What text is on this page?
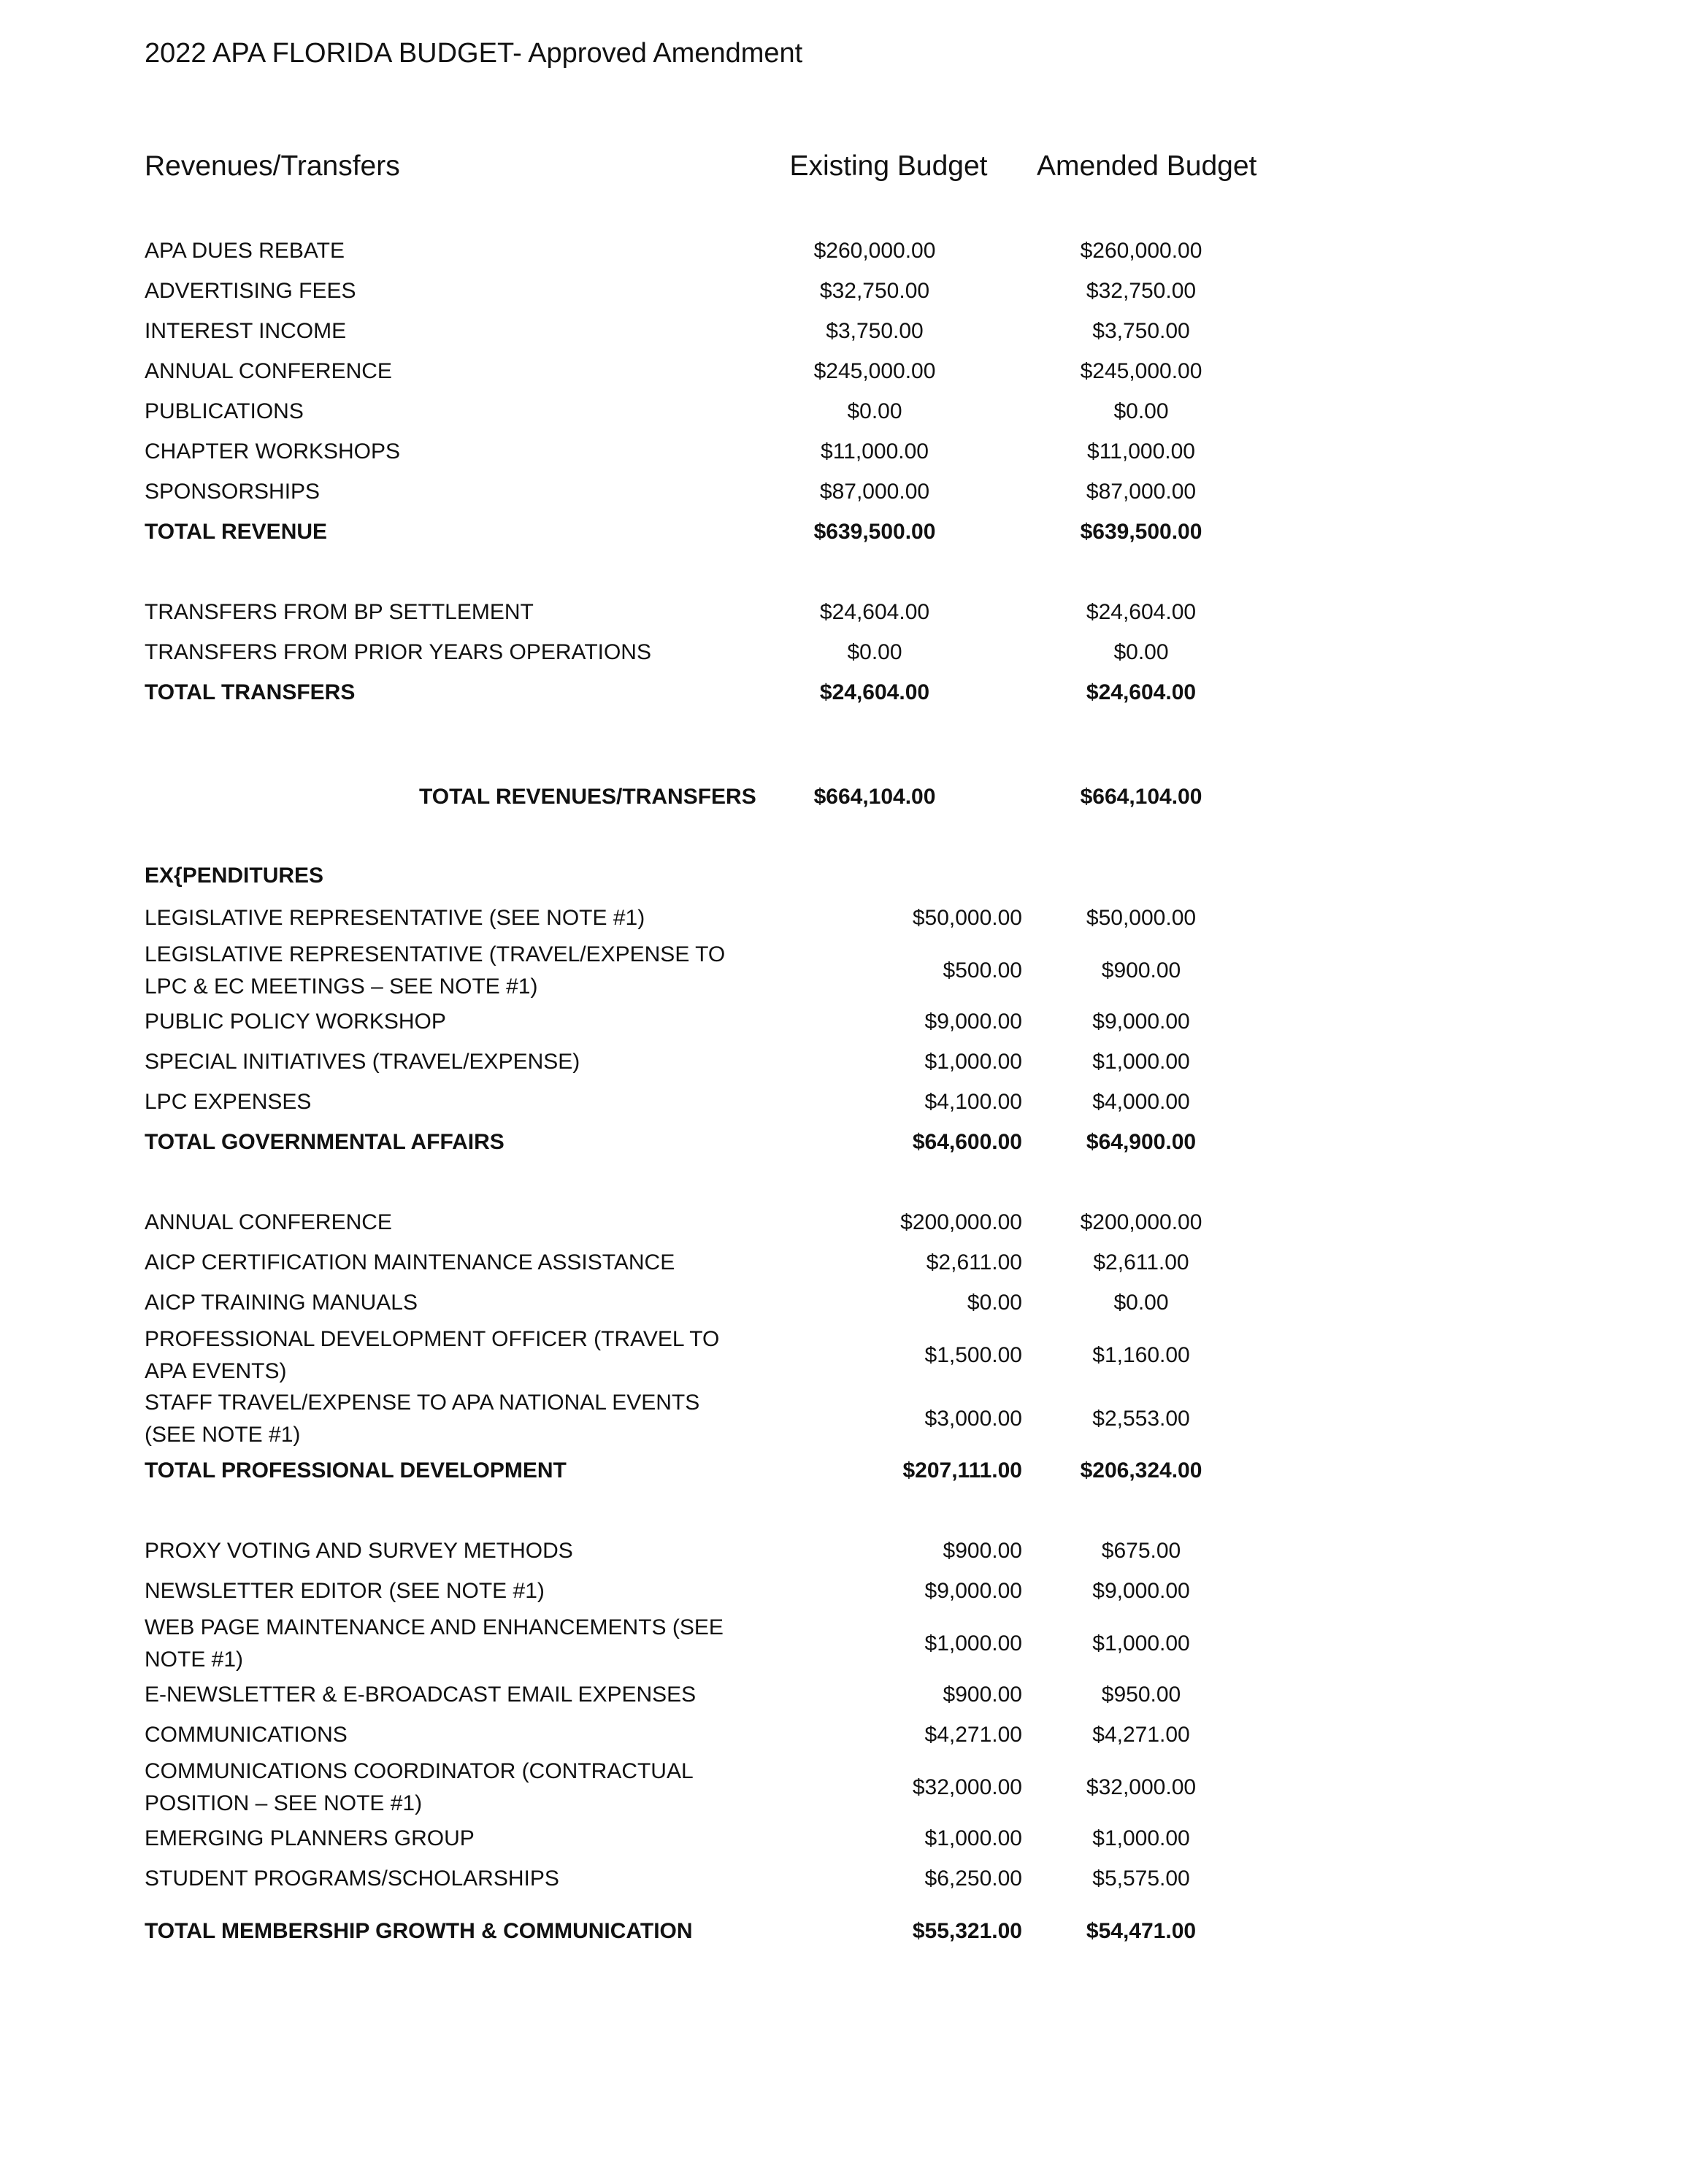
2022 APA FLORIDA BUDGET- Approved Amendment
Revenues/Transfers	Existing Budget Amended Budget
APA DUES REBATE	$260,000.00	$260,000.00
ADVERTISING FEES	$32,750.00	$32,750.00
INTEREST INCOME	$3,750.00	$3,750.00
ANNUAL CONFERENCE	$245,000.00	$245,000.00
PUBLICATIONS	$0.00	$0.00
CHAPTER WORKSHOPS	$11,000.00	$11,000.00
SPONSORSHIPS	$87,000.00	$87,000.00
TOTAL REVENUE	$639,500.00	$639,500.00
TRANSFERS FROM BP SETTLEMENT	$24,604.00	$24,604.00
TRANSFERS FROM PRIOR YEARS OPERATIONS	$0.00	$0.00
TOTAL TRANSFERS	$24,604.00	$24,604.00
TOTAL REVENUES/TRANSFERS	$664,104.00	$664,104.00
EX{PENDITURES
LEGISLATIVE REPRESENTATIVE (SEE NOTE #1)	$50,000.00	$50,000.00
LEGISLATIVE REPRESENTATIVE (TRAVEL/EXPENSE TO LPC & EC MEETINGS – SEE NOTE #1)
$500.00	$900.00
PUBLIC POLICY WORKSHOP	$9,000.00	$9,000.00
SPECIAL INITIATIVES (TRAVEL/EXPENSE)	$1,000.00	$1,000.00
LPC EXPENSES	$4,100.00	$4,000.00
TOTAL GOVERNMENTAL AFFAIRS	$64,600.00	$64,900.00
ANNUAL CONFERENCE	$200,000.00	$200,000.00
AICP CERTIFICATION MAINTENANCE ASSISTANCE	$2,611.00	$2,611.00
AICP TRAINING MANUALS	$0.00	$0.00
PROFESSIONAL DEVELOPMENT OFFICER (TRAVEL TO APA EVENTS)
$1,500.00	$1,160.00
STAFF TRAVEL/EXPENSE TO APA NATIONAL EVENTS (SEE NOTE #1)
$3,000.00	$2,553.00
TOTAL PROFESSIONAL DEVELOPMENT	$207,111.00	$206,324.00
PROXY VOTING AND SURVEY METHODS	$900.00	$675.00
NEWSLETTER EDITOR (SEE NOTE #1)	$9,000.00	$9,000.00
WEB PAGE MAINTENANCE AND ENHANCEMENTS (SEE NOTE #1)
$1,000.00	$1,000.00
E-NEWSLETTER & E-BROADCAST EMAIL EXPENSES	$900.00	$950.00
COMMUNICATIONS	$4,271.00	$4,271.00
COMMUNICATIONS COORDINATOR (CONTRACTUAL POSITION – SEE NOTE #1)
$32,000.00	$32,000.00
EMERGING PLANNERS GROUP	$1,000.00	$1,000.00
STUDENT PROGRAMS/SCHOLARSHIPS	$6,250.00	$5,575.00
TOTAL MEMBERSHIP GROWTH & COMMUNICATION	$55,321.00	$54,471.00
